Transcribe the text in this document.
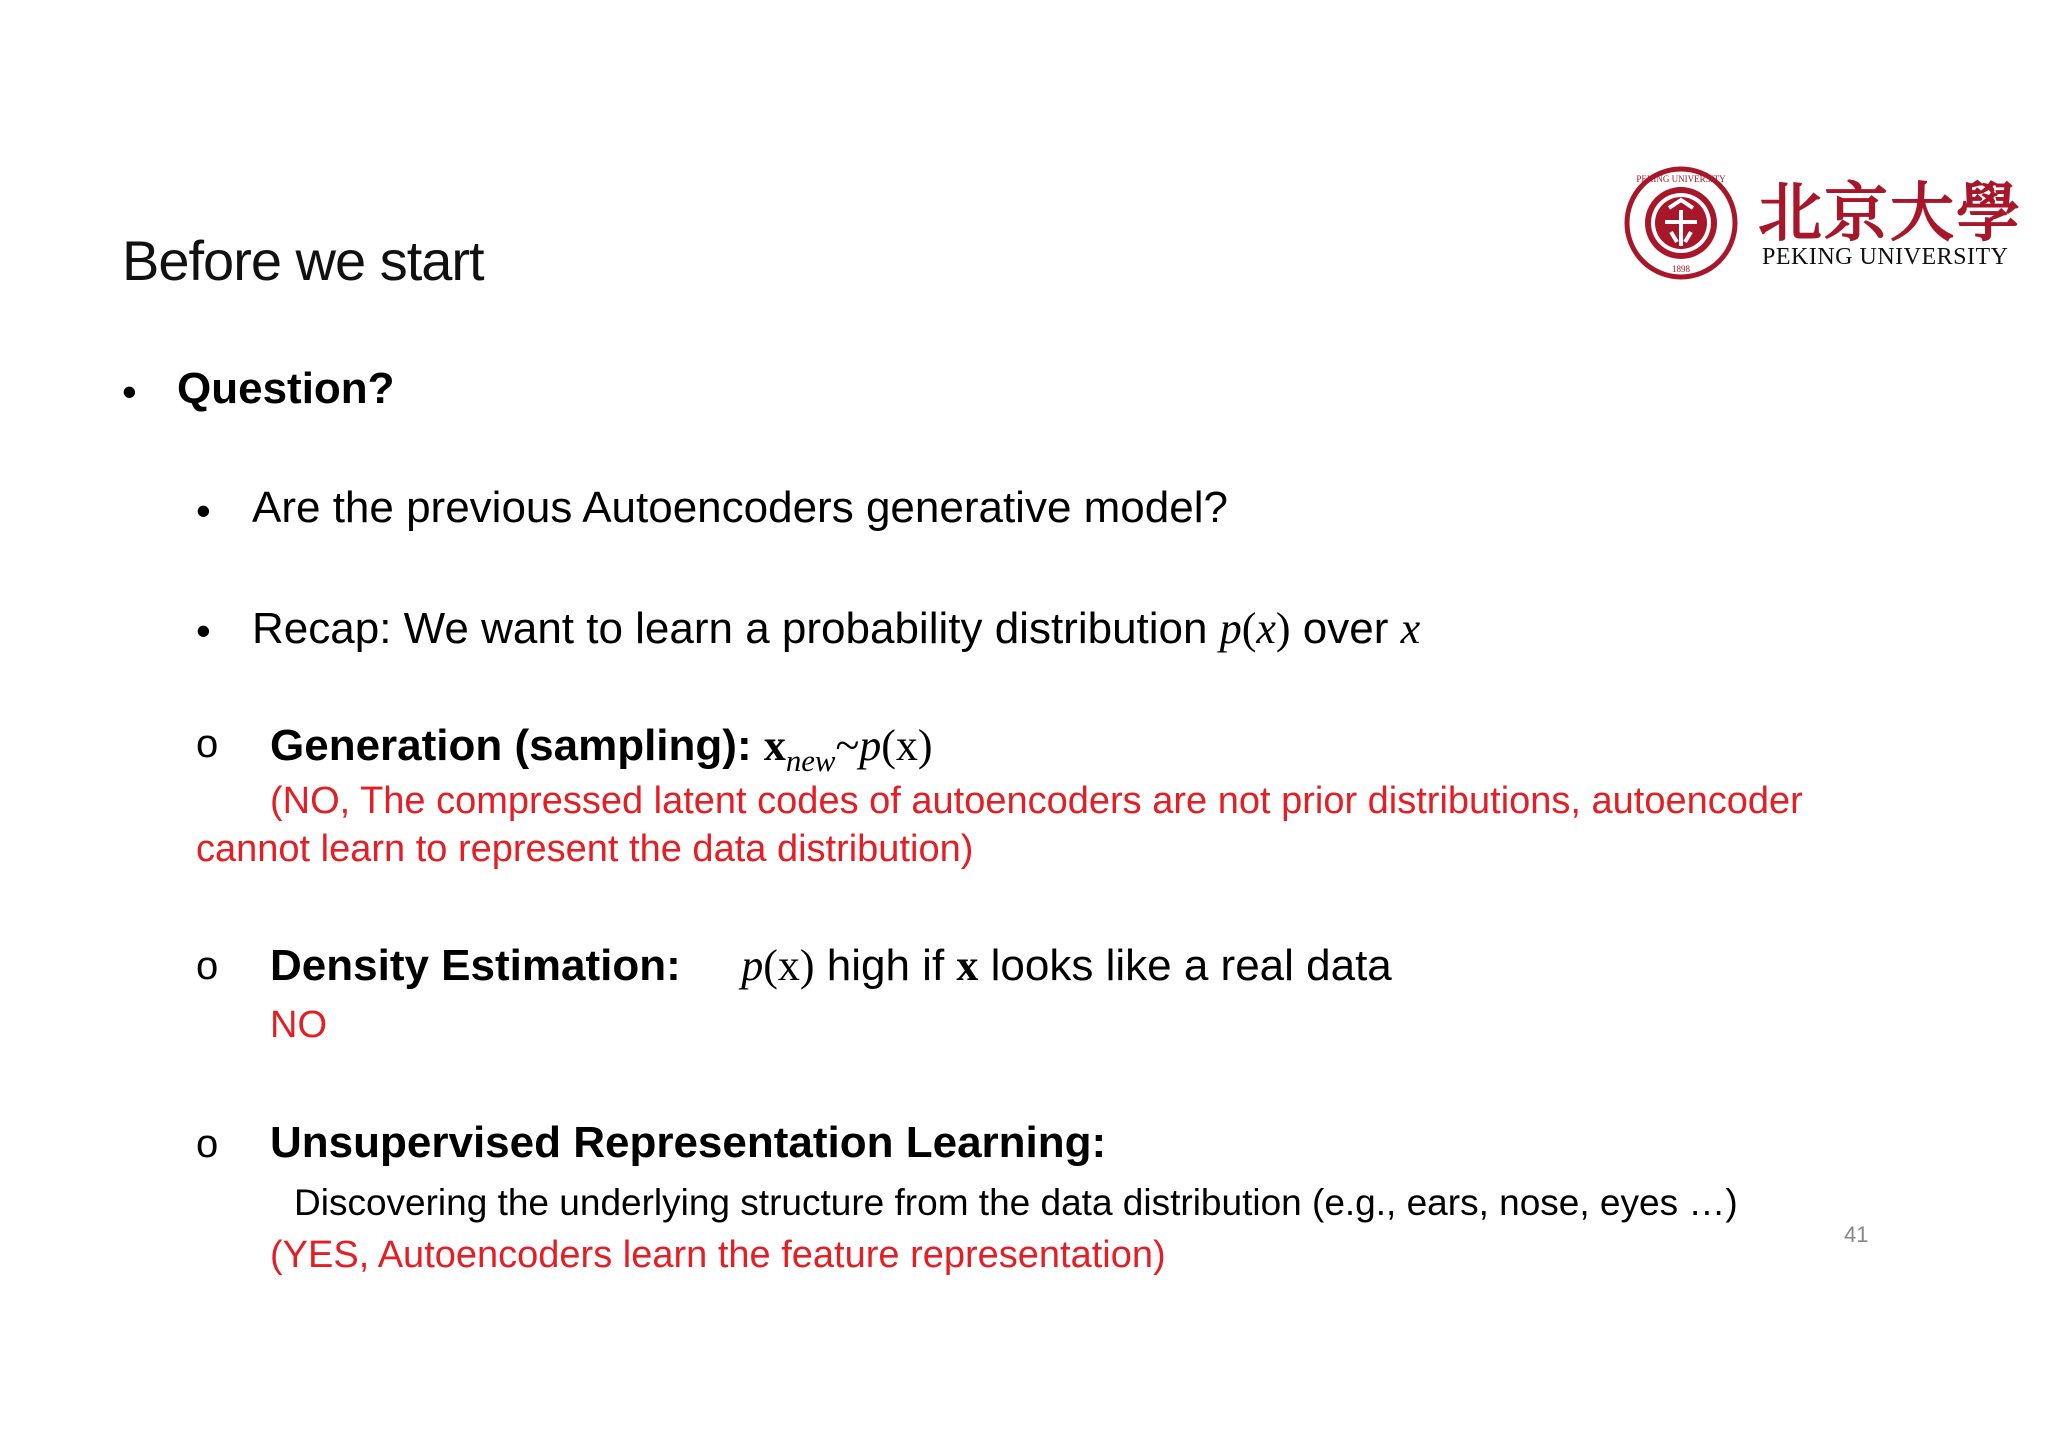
Before we start
PEKING UNIVERSITY
1898
北京大學
PEKING UNIVERSITY
• Question?
• Are the previous Autoencoders generative model?
• Recap: We want to learn a probability distribution p(x) over x
o Generation (sampling): $x_{new}\sim p(x)$
(NO, The compressed latent codes of autoencoders are not prior distributions, autoencoder
cannot learn to represent the data distribution)
o Density Estimation: p(x) high if x looks like a real data
NO
o Unsupervised Representation Learning:
Discovering the underlying structure from the data distribution (e.g., ears, nose, eyes …)
(YES, Autoencoders learn the feature representation)	41
